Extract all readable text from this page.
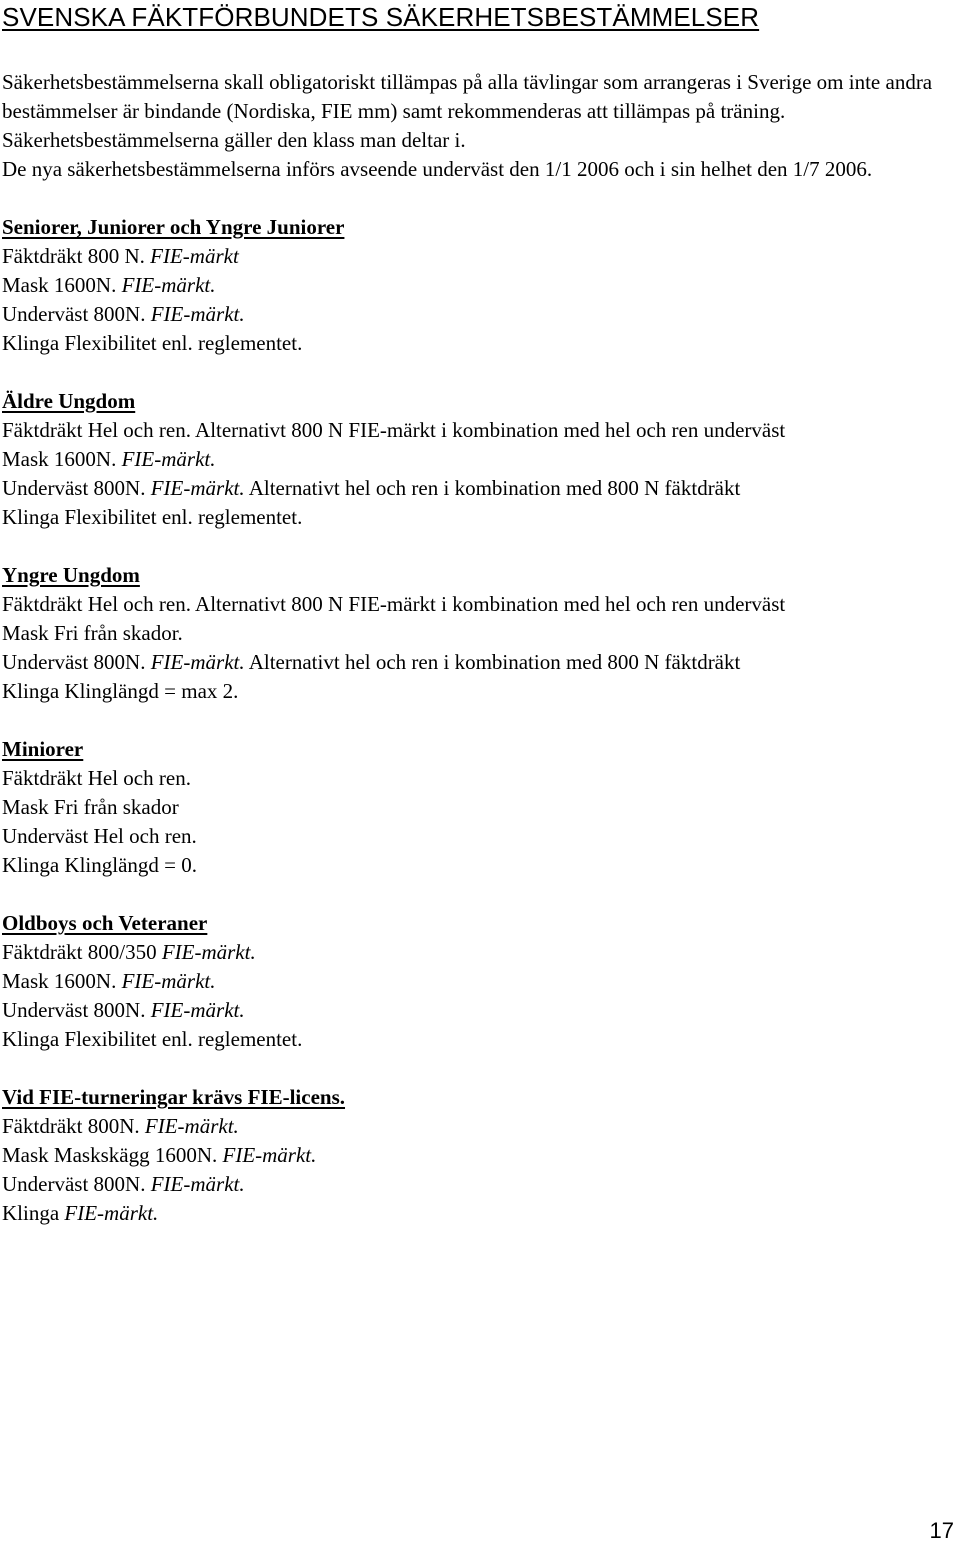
SVENSKA FÄKTFÖRBUNDETS SÄKERHETSBESTÄMMELSER

Säkerhetsbestämmelserna skall obligatoriskt tillämpas på alla tävlingar som arrangeras i Sverige om inte andra bestämmelser är bindande (Nordiska, FIE mm) samt rekommenderas att tillämpas på träning.

Säkerhetsbestämmelserna gäller den klass man deltar i.

De nya säkerhetsbestämmelserna införs avseende underväst den 1/1 2006 och i sin helhet den 1/7 2006.

Seniorer, Juniorer och Yngre Juniorer

Fäktdräkt 800 N. FIE-märkt

Mask 1600N. FIE-märkt.

Underväst 800N. FIE-märkt.

Klinga Flexibilitet enl. reglementet.

Äldre Ungdom

Fäktdräkt Hel och ren. Alternativt 800 N FIE-märkt i kombination med hel och ren underväst

Mask 1600N. FIE-märkt.

Underväst 800N. FIE-märkt. Alternativt hel och ren i kombination med 800 N fäktdräkt

Klinga Flexibilitet enl. reglementet.

Yngre Ungdom

Fäktdräkt Hel och ren. Alternativt 800 N FIE-märkt i kombination med hel och ren underväst

Mask Fri från skador.

Underväst 800N. FIE-märkt. Alternativt hel och ren i kombination med 800 N fäktdräkt

Klinga Klinglängd = max 2.

Miniorer

Fäktdräkt Hel och ren.

Mask Fri från skador

Underväst Hel och ren.

Klinga Klinglängd = 0.

Oldboys och Veteraner

Fäktdräkt 800/350 FIE-märkt.

Mask 1600N. FIE-märkt.

Underväst 800N. FIE-märkt.

Klinga Flexibilitet enl. reglementet.

Vid FIE-turneringar krävs FIE-licens.

Fäktdräkt 800N. FIE-märkt.

Mask Maskskägg 1600N. FIE-märkt.

Underväst 800N. FIE-märkt.

Klinga FIE-märkt.

17
